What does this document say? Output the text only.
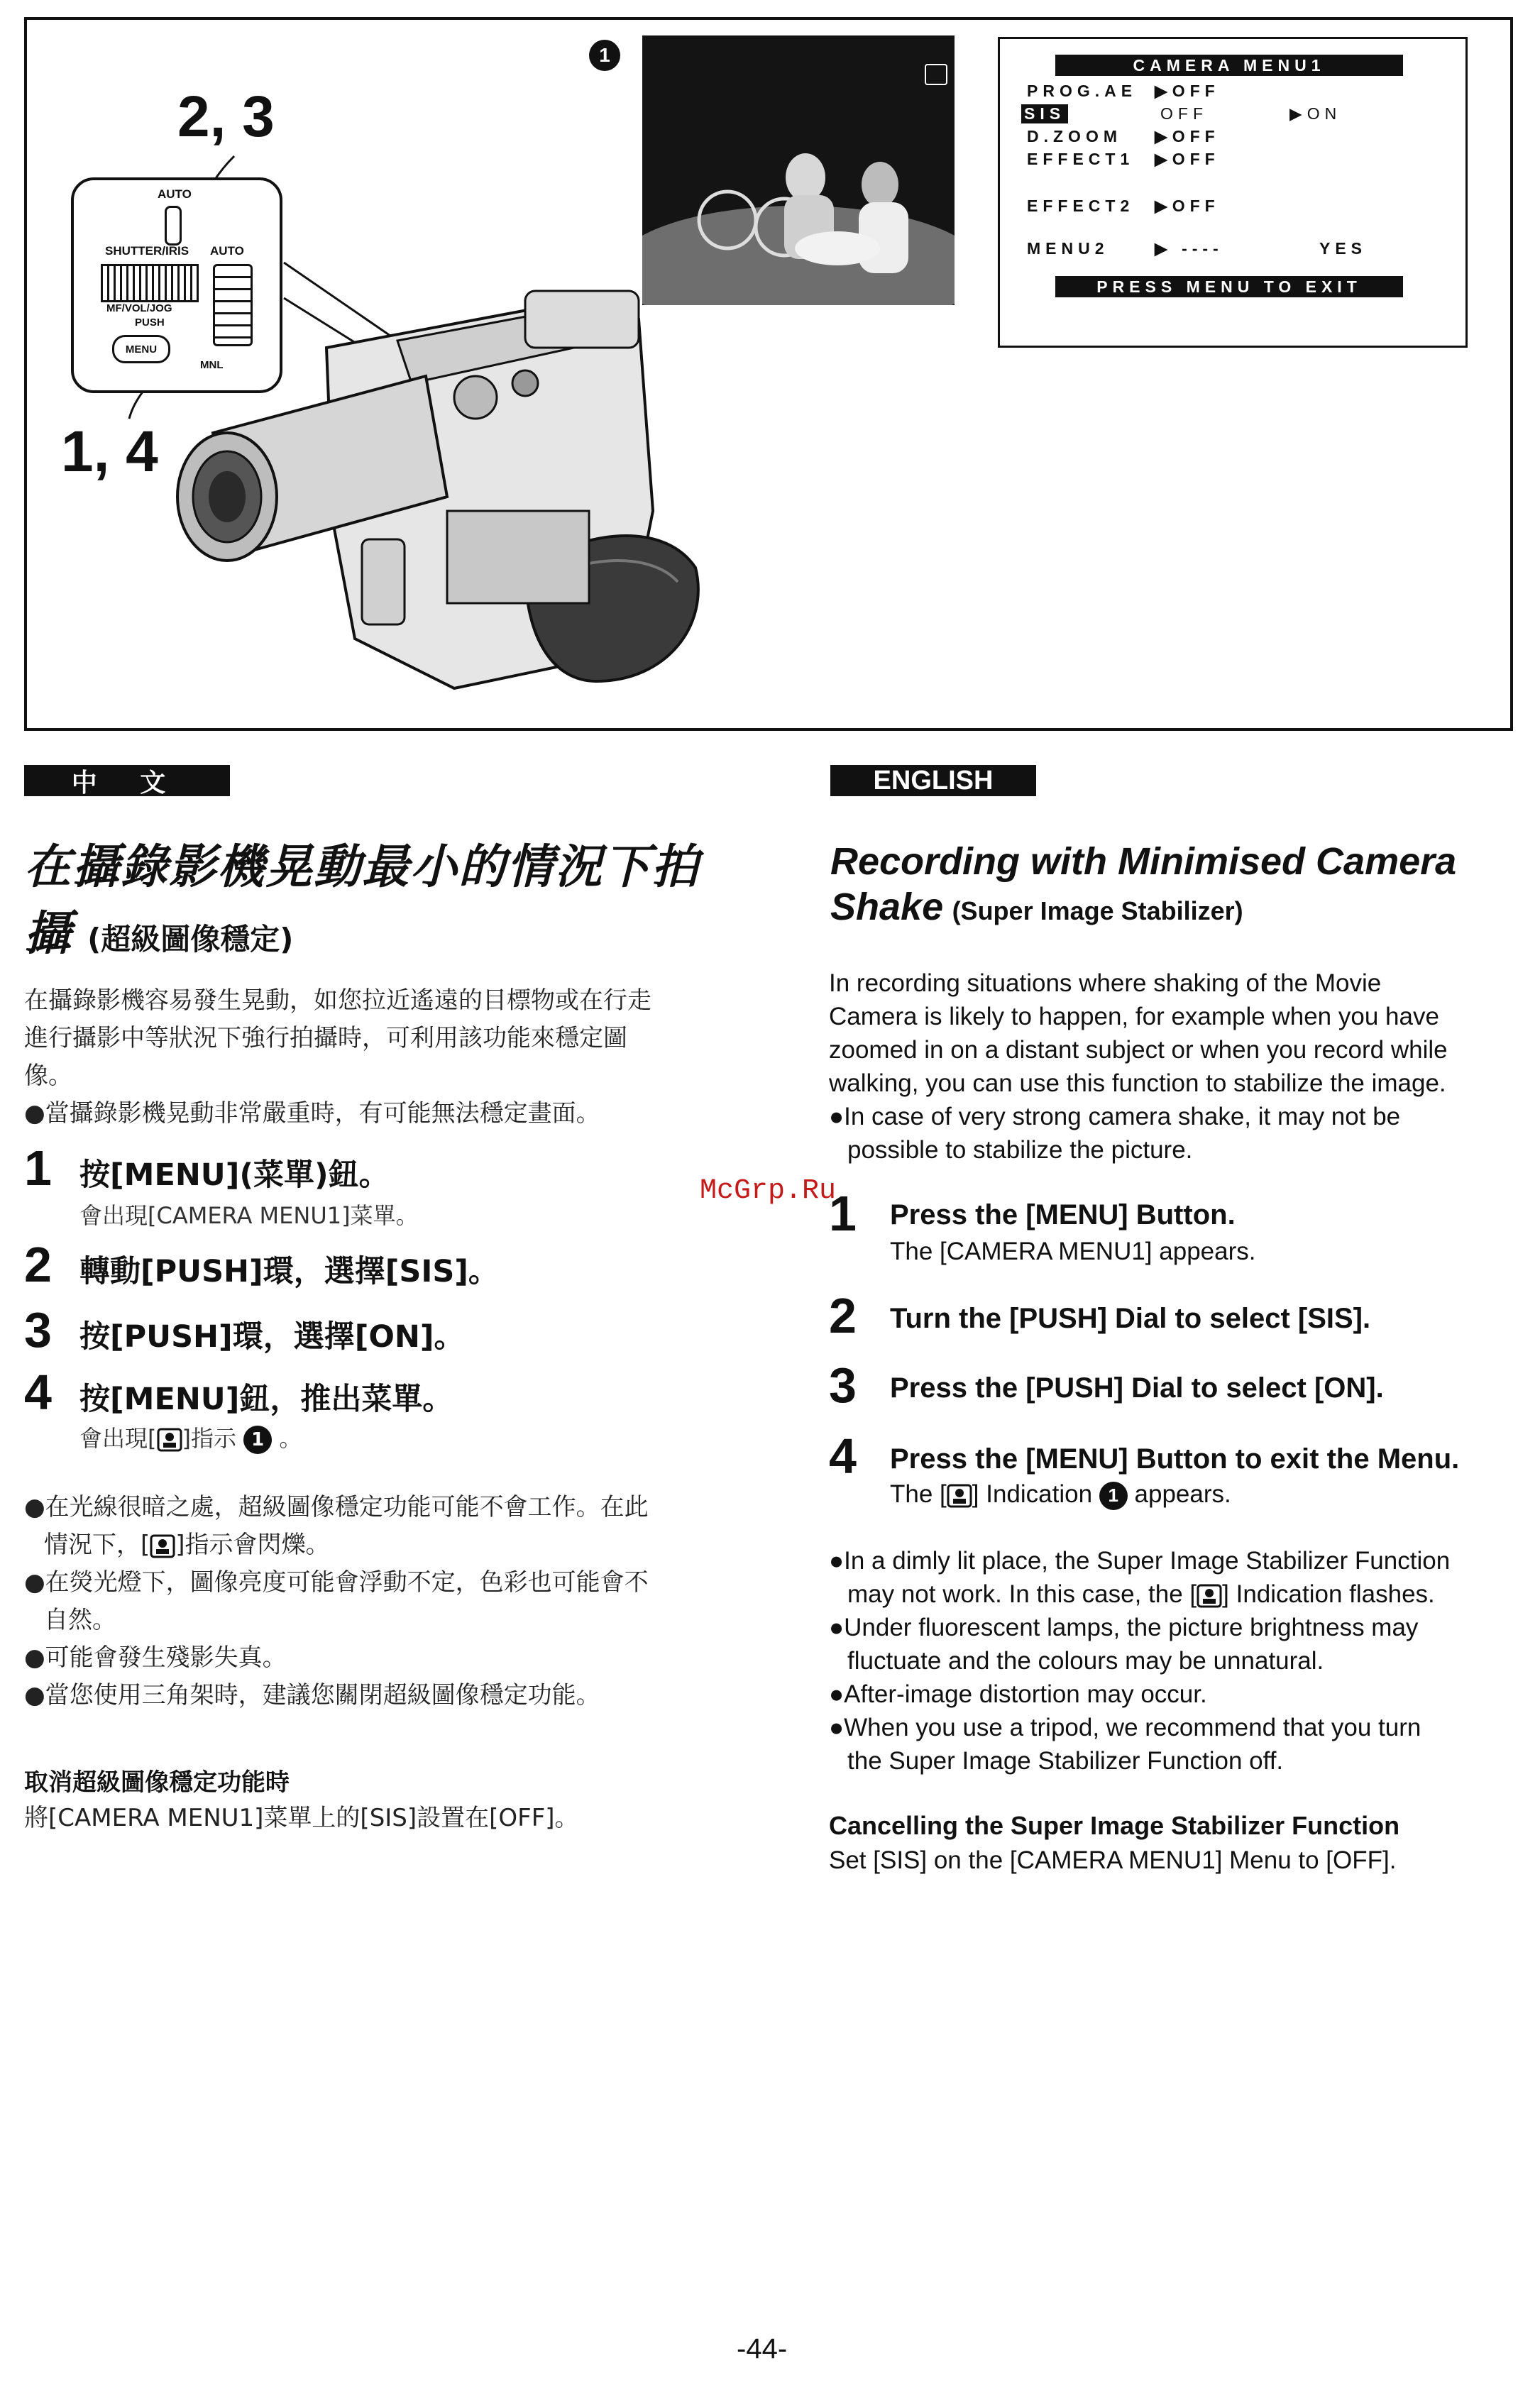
2, 3
1, 4
AUTO
SHUTTER/IRIS AUTO
MF/VOL/JOG
PUSH
MENU
MNL
1	CAMERA MENU1
PROG.AE ▶OFF
SIS	OFF	▶ON
D.ZOOM ▶OFF
EFFECT1 ▶OFF
EFFECT2 ▶OFF
MENU2	▶ ----	YES
PRESS MENU TO EXIT
中 文
在攝錄影機晃動最小的情況下拍
攝 (超級圖像穩定)
在攝錄影機容易發生晃動，如您拉近遙遠的目標物或在行走
進行攝影中等狀況下強行拍攝時，可利用該功能來穩定圖
像。
●當攝錄影機晃動非常嚴重時，有可能無法穩定畫面。
1 按[MENU](菜單)鈕。
會出現[CAMERA MENU1]菜單。
2 轉動[PUSH]環，選擇[SIS]。
3 按[PUSH]環，選擇[ON]。
4 按[MENU]鈕，推出菜單。
會出現[ ]指示 1 。
●在光線很暗之處，超級圖像穩定功能可能不會工作。在此
情況下，[ ]指示會閃爍。
●在熒光燈下，圖像亮度可能會浮動不定，色彩也可能會不
自然。
●可能會發生殘影失真。
●當您使用三角架時，建議您關閉超級圖像穩定功能。
取消超級圖像穩定功能時
將[CAMERA MENU1]菜單上的[SIS]設置在[OFF]。
ENGLISH
Recording with Minimised Camera
Shake (Super Image Stabilizer)
In recording situations where shaking of the Movie
Camera is likely to happen, for example when you have
zoomed in on a distant subject or when you record while
walking, you can use this function to stabilize the image.
●In case of very strong camera shake, it may not be
possible to stabilize the picture.
1 Press the [MENU] Button.
The [CAMERA MENU1] appears.
2 Turn the [PUSH] Dial to select [SIS].
3 Press the [PUSH] Dial to select [ON].
4 Press the [MENU] Button to exit the Menu.
The [ ] Indication 1 appears.
●In a dimly lit place, the Super Image Stabilizer Function
may not work. In this case, the [ ] Indication flashes.
●Under fluorescent lamps, the picture brightness may
fluctuate and the colours may be unnatural.
●After-image distortion may occur.
●When you use a tripod, we recommend that you turn
the Super Image Stabilizer Function off.
Cancelling the Super Image Stabilizer Function
Set [SIS] on the [CAMERA MENU1] Menu to [OFF].
McGrp.Ru
-44-
